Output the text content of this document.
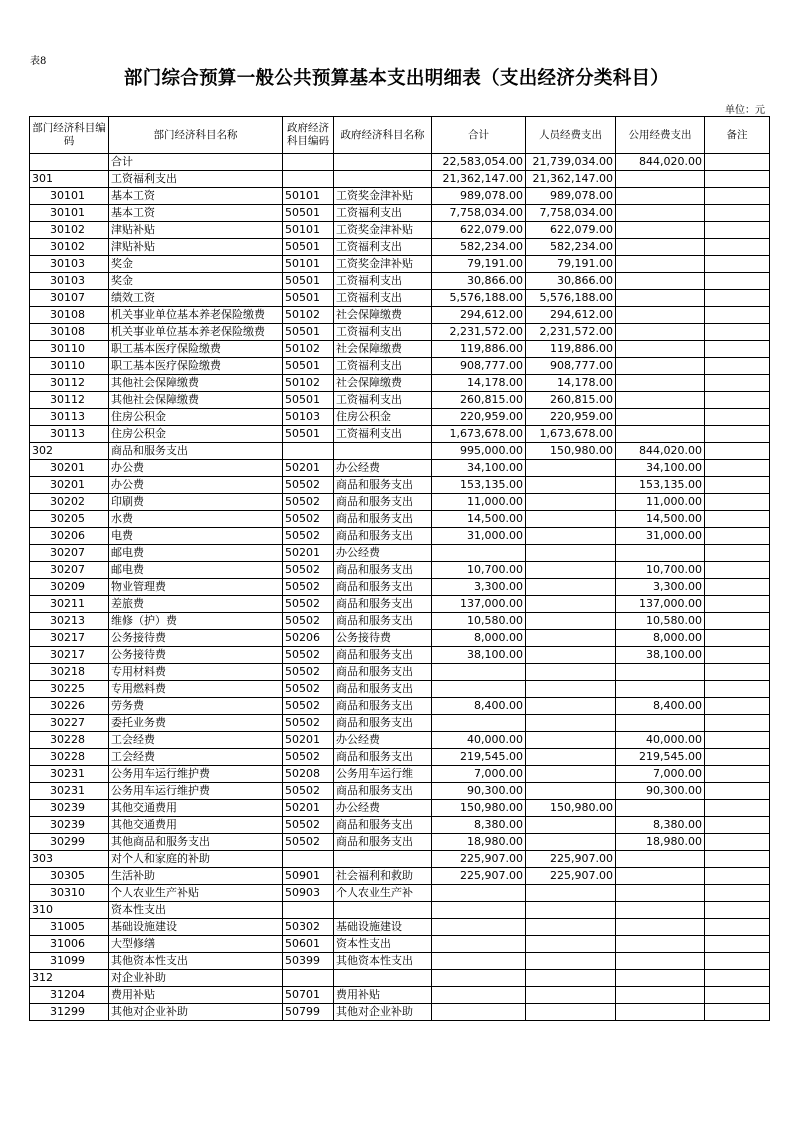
表8
部门综合预算一般公共预算基本支出明细表（支出经济分类科目）
单位：元
部门经济科目编码	部门经济科目名称	政府经济科目编码	政府经济科目名称	合计	人员经费支出	公用经费支出	备注
	合计			22,583,054.00	21,739,034.00	844,020.00	
301	工资福利支出			21,362,147.00	21,362,147.00		
30101	基本工资	50101	工资奖金津补贴	989,078.00	989,078.00		
30101	基本工资	50501	工资福利支出	7,758,034.00	7,758,034.00		
30102	津贴补贴	50101	工资奖金津补贴	622,079.00	622,079.00		
30102	津贴补贴	50501	工资福利支出	582,234.00	582,234.00		
30103	奖金	50101	工资奖金津补贴	79,191.00	79,191.00		
30103	奖金	50501	工资福利支出	30,866.00	30,866.00		
30107	绩效工资	50501	工资福利支出	5,576,188.00	5,576,188.00		
30108	机关事业单位基本养老保险缴费	50102	社会保障缴费	294,612.00	294,612.00		
30108	机关事业单位基本养老保险缴费	50501	工资福利支出	2,231,572.00	2,231,572.00		
30110	职工基本医疗保险缴费	50102	社会保障缴费	119,886.00	119,886.00		
30110	职工基本医疗保险缴费	50501	工资福利支出	908,777.00	908,777.00		
30112	其他社会保障缴费	50102	社会保障缴费	14,178.00	14,178.00		
30112	其他社会保障缴费	50501	工资福利支出	260,815.00	260,815.00		
30113	住房公积金	50103	住房公积金	220,959.00	220,959.00		
30113	住房公积金	50501	工资福利支出	1,673,678.00	1,673,678.00		
302	商品和服务支出			995,000.00	150,980.00	844,020.00	
30201	办公费	50201	办公经费	34,100.00		34,100.00	
30201	办公费	50502	商品和服务支出	153,135.00		153,135.00	
30202	印刷费	50502	商品和服务支出	11,000.00		11,000.00	
30205	水费	50502	商品和服务支出	14,500.00		14,500.00	
30206	电费	50502	商品和服务支出	31,000.00		31,000.00	
30207	邮电费	50201	办公经费				
30207	邮电费	50502	商品和服务支出	10,700.00		10,700.00	
30209	物业管理费	50502	商品和服务支出	3,300.00		3,300.00	
30211	差旅费	50502	商品和服务支出	137,000.00		137,000.00	
30213	维修（护）费	50502	商品和服务支出	10,580.00		10,580.00	
30217	公务接待费	50206	公务接待费	8,000.00		8,000.00	
30217	公务接待费	50502	商品和服务支出	38,100.00		38,100.00	
30218	专用材料费	50502	商品和服务支出				
30225	专用燃料费	50502	商品和服务支出				
30226	劳务费	50502	商品和服务支出	8,400.00		8,400.00	
30227	委托业务费	50502	商品和服务支出				
30228	工会经费	50201	办公经费	40,000.00		40,000.00	
30228	工会经费	50502	商品和服务支出	219,545.00		219,545.00	
30231	公务用车运行维护费	50208	公务用车运行维	7,000.00		7,000.00	
30231	公务用车运行维护费	50502	商品和服务支出	90,300.00		90,300.00	
30239	其他交通费用	50201	办公经费	150,980.00	150,980.00		
30239	其他交通费用	50502	商品和服务支出	8,380.00		8,380.00	
30299	其他商品和服务支出	50502	商品和服务支出	18,980.00		18,980.00	
303	对个人和家庭的补助			225,907.00	225,907.00		
30305	生活补助	50901	社会福利和救助	225,907.00	225,907.00		
30310	个人农业生产补贴	50903	个人农业生产补				
310	资本性支出						
31005	基础设施建设	50302	基础设施建设				
31006	大型修缮	50601	资本性支出				
31099	其他资本性支出	50399	其他资本性支出				
312	对企业补助						
31204	费用补贴	50701	费用补贴				
31299	其他对企业补助	50799	其他对企业补助				
